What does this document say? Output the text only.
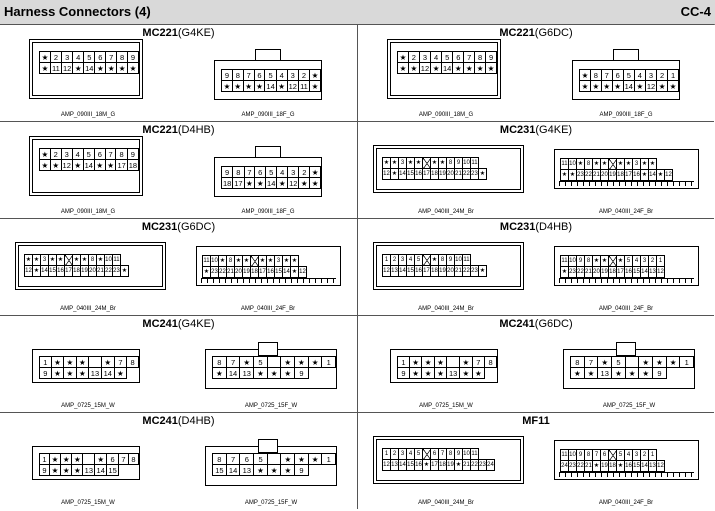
Harness Connectors (4)	CC-4
MC221(G4KE)
★	2	3	4	5	6	7	8	9
★	11	12	★	14	★	★	★	★
AMP_090III_18M_G
9	8	7	6	5	4	3	2	★
★	★	★	★	14	★	12	11	★
AMP_090III_18F_G
MC221(G6DC)
★	2	3	4	5	6	7	8	9
★	★	12	★	14	★	★	★	★
AMP_090III_18M_G
★	8	7	6	5	4	3	2	1
★	★	★	★	14	★	12	★	★
AMP_090III_18F_G
MC221(D4HB)
★	2	3	4	5	6	7	8	9
★	★	12	★	14	★	★	17	18
AMP_090III_18M_G
9	8	7	6	5	4	3	2	★
18	17	★	★	14	★	12	★	★
AMP_090III_18F_G
MC231(G4KE)
★	★	3	★	★		★	★	8	9	10	11	
12	★	14	15	16	17	18	19	20	21	22	23	★
AMP_040III_24M_Br
11	10	★	8	★	★		★	★	3	★	★		
★	★	23	22	21	20	19	18	17	16	★	14	★	12
AMP_040III_24F_Br
MC231(G6DC)
★	★	3	★	★		★	★	8	★	10	11	
12	★	14	15	16	17	18	19	20	21	22	23	★
AMP_040III_24M_Br
11	10	★	8	★	★		★	★	3	★	★	
★	23	22	21	20	19	18	17	16	15	14	★	12
AMP_040III_24F_Br
MC231(D4HB)
1	2	3	4	5		★	8	9	10	11		
12	13	14	15	16	17	18	19	20	21	22	23	★
AMP_040III_24M_Br
11	10	9	8	★	★		★	5	4	3	2	1
★	23	22	21	20	19	18	17	16	15	14	13	12
AMP_040III_24F_Br
MC241(G4KE)
1	★	★	★		★	7	8
9	★	★	★	13	14	★	
AMP_0725_15M_W
8	7	★	5		★	★	★	1
★	14	13	★	★	★	9		
AMP_0725_15F_W
MC241(G6DC)
1	★	★	★		★	7	8
9	★	★	★	13	★	★	
AMP_0725_15M_W
8	7	★	5		★	★	★	1
★	★	13	★	★	★	9		
AMP_0725_15F_W
MC241(D4HB)
1	★	★	★		★	6	7	8
9	★	★	★	13	14	15		
AMP_0725_15M_W
8	7	6	5		★	★	★	1
15	14	13	★	★	★	9		
AMP_0725_15F_W
MF11
1	2	3	4	5		6	7	8	9	10	11		
12	13	14	15	16	★	17	18	19	★	21	22	23	24
AMP_040III_24M_Br
11	10	9	8	7	6		5	4	3	2	1	
24	23	22	21	★	19	18	★	16	15	14	13	12
AMP_040III_24F_Br
